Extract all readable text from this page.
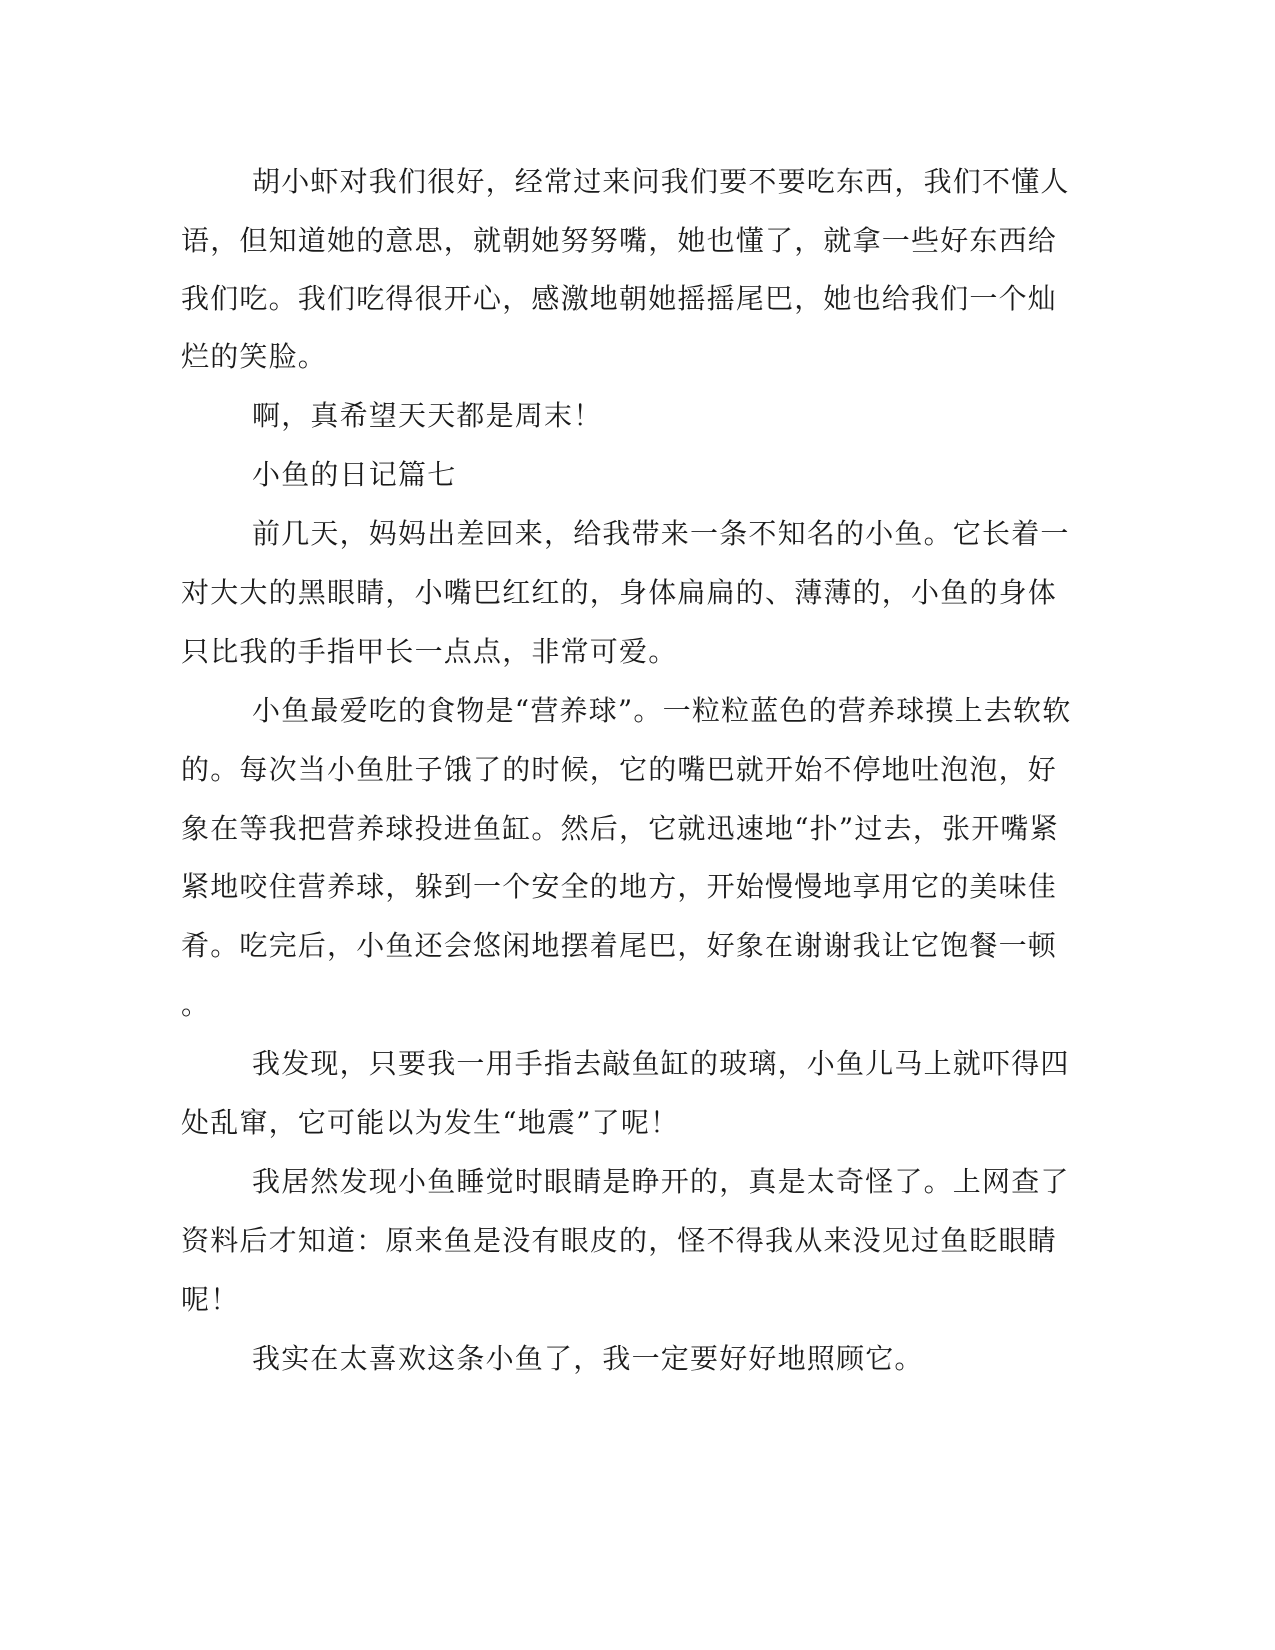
胡小虾对我们很好，经常过来问我们要不要吃东西，我们不懂人
语，但知道她的意思，就朝她努努嘴，她也懂了，就拿一些好东西给
我们吃。我们吃得很开心，感激地朝她摇摇尾巴，她也给我们一个灿
烂的笑脸。
啊，真希望天天都是周末！
小鱼的日记篇七
前几天，妈妈出差回来，给我带来一条不知名的小鱼。它长着一
对大大的黑眼睛，小嘴巴红红的，身体扁扁的、薄薄的，小鱼的身体
只比我的手指甲长一点点，非常可爱。
小鱼最爱吃的食物是“营养球”。一粒粒蓝色的营养球摸上去软软
的。每次当小鱼肚子饿了的时候，它的嘴巴就开始不停地吐泡泡，好
象在等我把营养球投进鱼缸。然后，它就迅速地“扑”过去，张开嘴紧
紧地咬住营养球，躲到一个安全的地方，开始慢慢地享用它的美味佳
肴。吃完后，小鱼还会悠闲地摆着尾巴，好象在谢谢我让它饱餐一顿
。
我发现，只要我一用手指去敲鱼缸的玻璃，小鱼儿马上就吓得四
处乱窜，它可能以为发生“地震”了呢！
我居然发现小鱼睡觉时眼睛是睁开的，真是太奇怪了。上网查了
资料后才知道：原来鱼是没有眼皮的，怪不得我从来没见过鱼眨眼睛
呢！
我实在太喜欢这条小鱼了，我一定要好好地照顾它。
